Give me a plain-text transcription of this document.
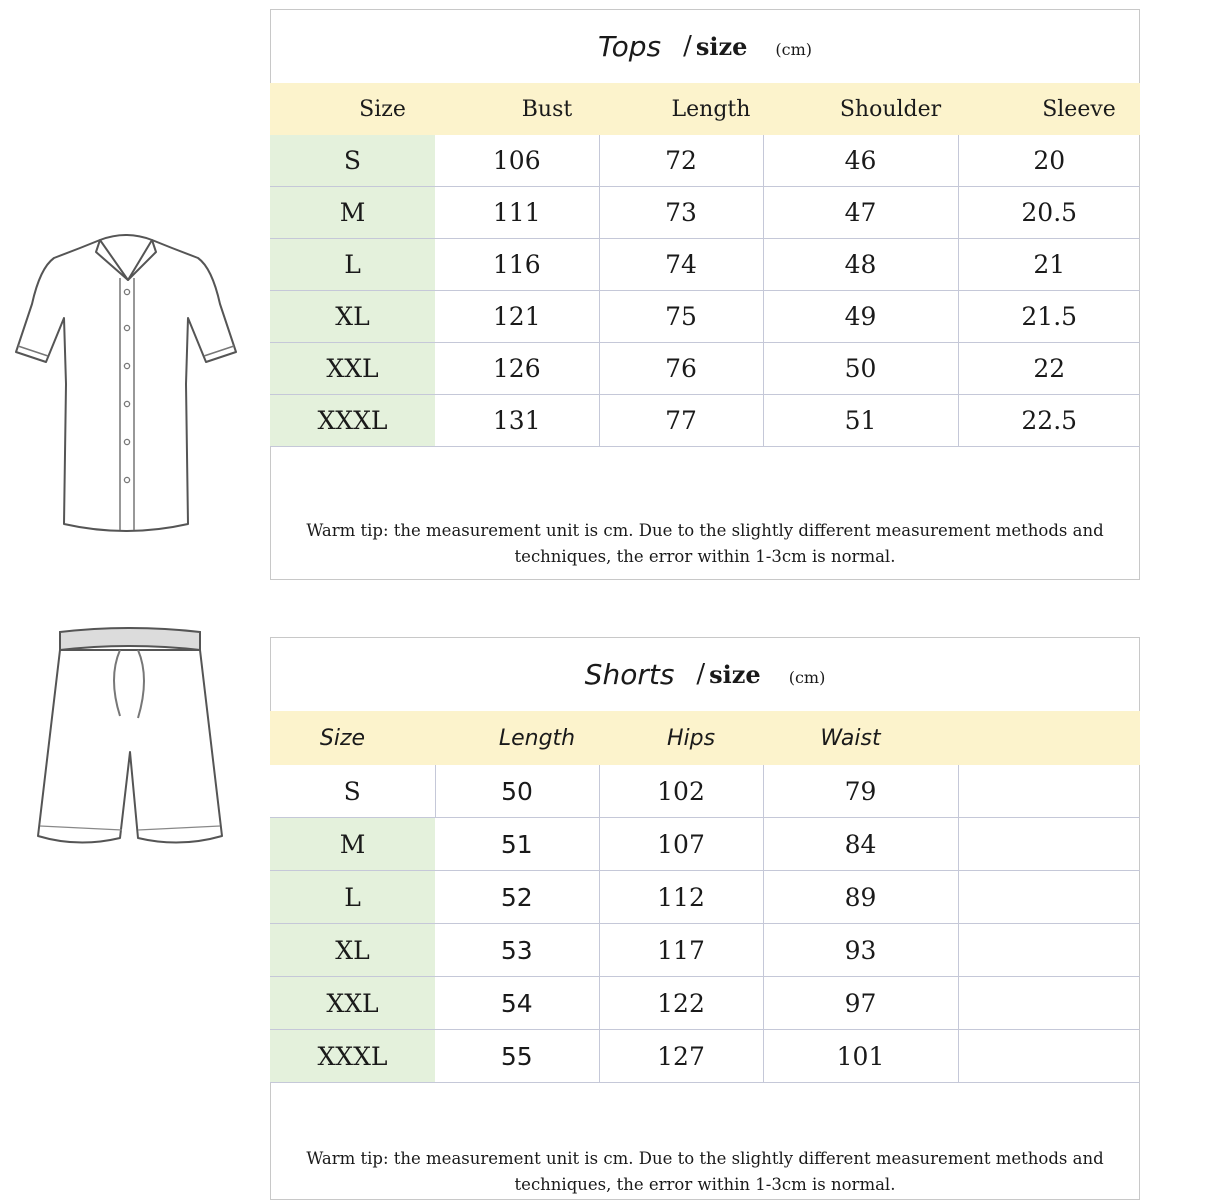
Tops / size (cm)
Size	Bust	Length	Shoulder	Sleeve
S	106	72	46	20
M	111	73	47	20.5
L	116	74	48	21
XL	121	75	49	21.5
XXL	126	76	50	22
XXXL	131	77	51	22.5
Warm tip: the measurement unit is cm. Due to the slightly different measurement methods and techniques, the error within 1-3cm is normal.
Shorts / size (cm)
Size	Length	Hips	Waist	
S	50	102	79	
M	51	107	84	
L	52	112	89	
XL	53	117	93	
XXL	54	122	97	
XXXL	55	127	101	
Warm tip: the measurement unit is cm. Due to the slightly different measurement methods and techniques, the error within 1-3cm is normal.
